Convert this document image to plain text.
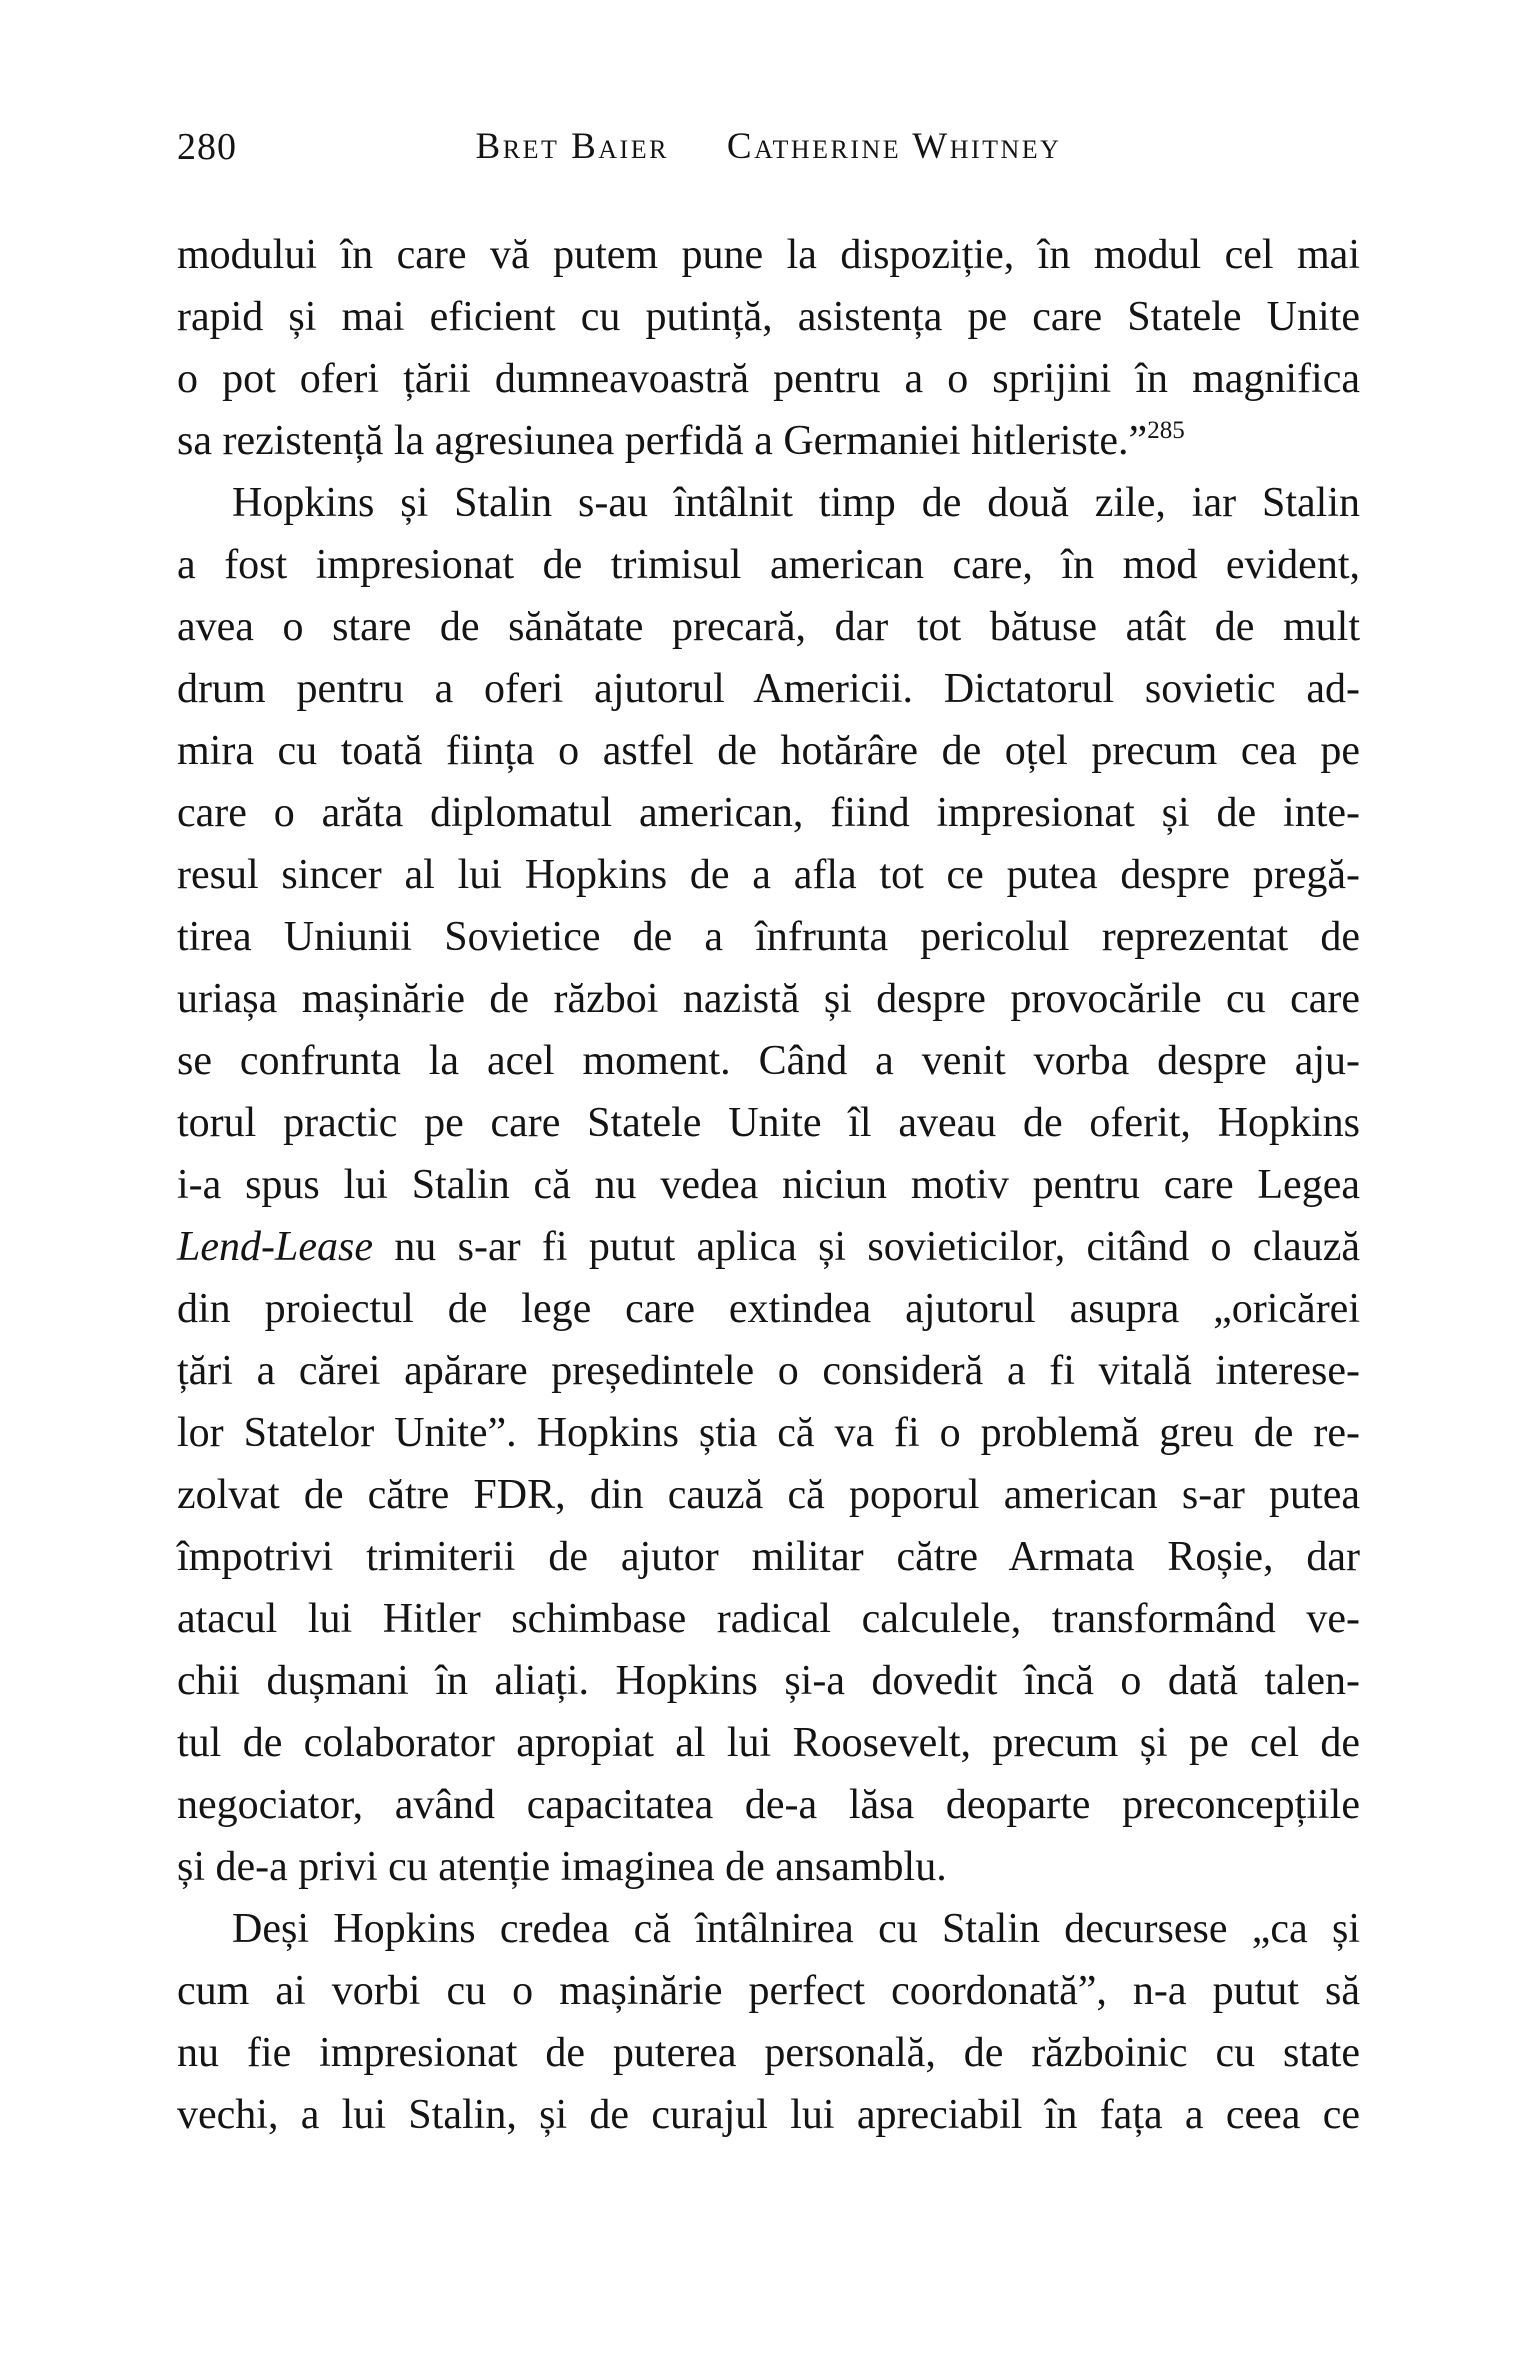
280	Bret Baier Catherine Whitney
modului în care vă putem pune la dispoziție, în modul cel mai
rapid și mai eficient cu putință, asistența pe care Statele Unite
o pot oferi țării dumneavoastră pentru a o sprijini în magnifica
sa rezistență la agresiunea perfidă a Germaniei hitleriste.”$^{285}$
Hopkins și Stalin s-au întâlnit timp de două zile, iar Stalin
a fost impresionat de trimisul american care, în mod evident,
avea o stare de sănătate precară, dar tot bătuse atât de mult
drum pentru a oferi ajutorul Americii. Dictatorul sovietic ad-
mira cu toată ființa o astfel de hotărâre de oțel precum cea pe
care o arăta diplomatul american, fiind impresionat și de inte-
resul sincer al lui Hopkins de a afla tot ce putea despre pregă-
tirea Uniunii Sovietice de a înfrunta pericolul reprezentat de
uriașa mașinărie de război nazistă și despre provocările cu care
se confrunta la acel moment. Când a venit vorba despre aju-
torul practic pe care Statele Unite îl aveau de oferit, Hopkins
i-a spus lui Stalin că nu vedea niciun motiv pentru care Legea
Lend-Lease nu s-ar fi putut aplica și sovieticilor, citând o clauză
din proiectul de lege care extindea ajutorul asupra „oricărei
țări a cărei apărare președintele o consideră a fi vitală interese-
lor Statelor Unite”. Hopkins știa că va fi o problemă greu de re-
zolvat de către FDR, din cauză că poporul american s-ar putea
împotrivi trimiterii de ajutor militar către Armata Roșie, dar
atacul lui Hitler schimbase radical calculele, transformând ve-
chii dușmani în aliați. Hopkins și-a dovedit încă o dată talen-
tul de colaborator apropiat al lui Roosevelt, precum și pe cel de
negociator, având capacitatea de-a lăsa deoparte preconcepțiile
și de-a privi cu atenție imaginea de ansamblu.
Deși Hopkins credea că întâlnirea cu Stalin decursese „ca și
cum ai vorbi cu o mașinărie perfect coordonată”, n-a putut să
nu fie impresionat de puterea personală, de războinic cu state
vechi, a lui Stalin, și de curajul lui apreciabil în fața a ceea ce
